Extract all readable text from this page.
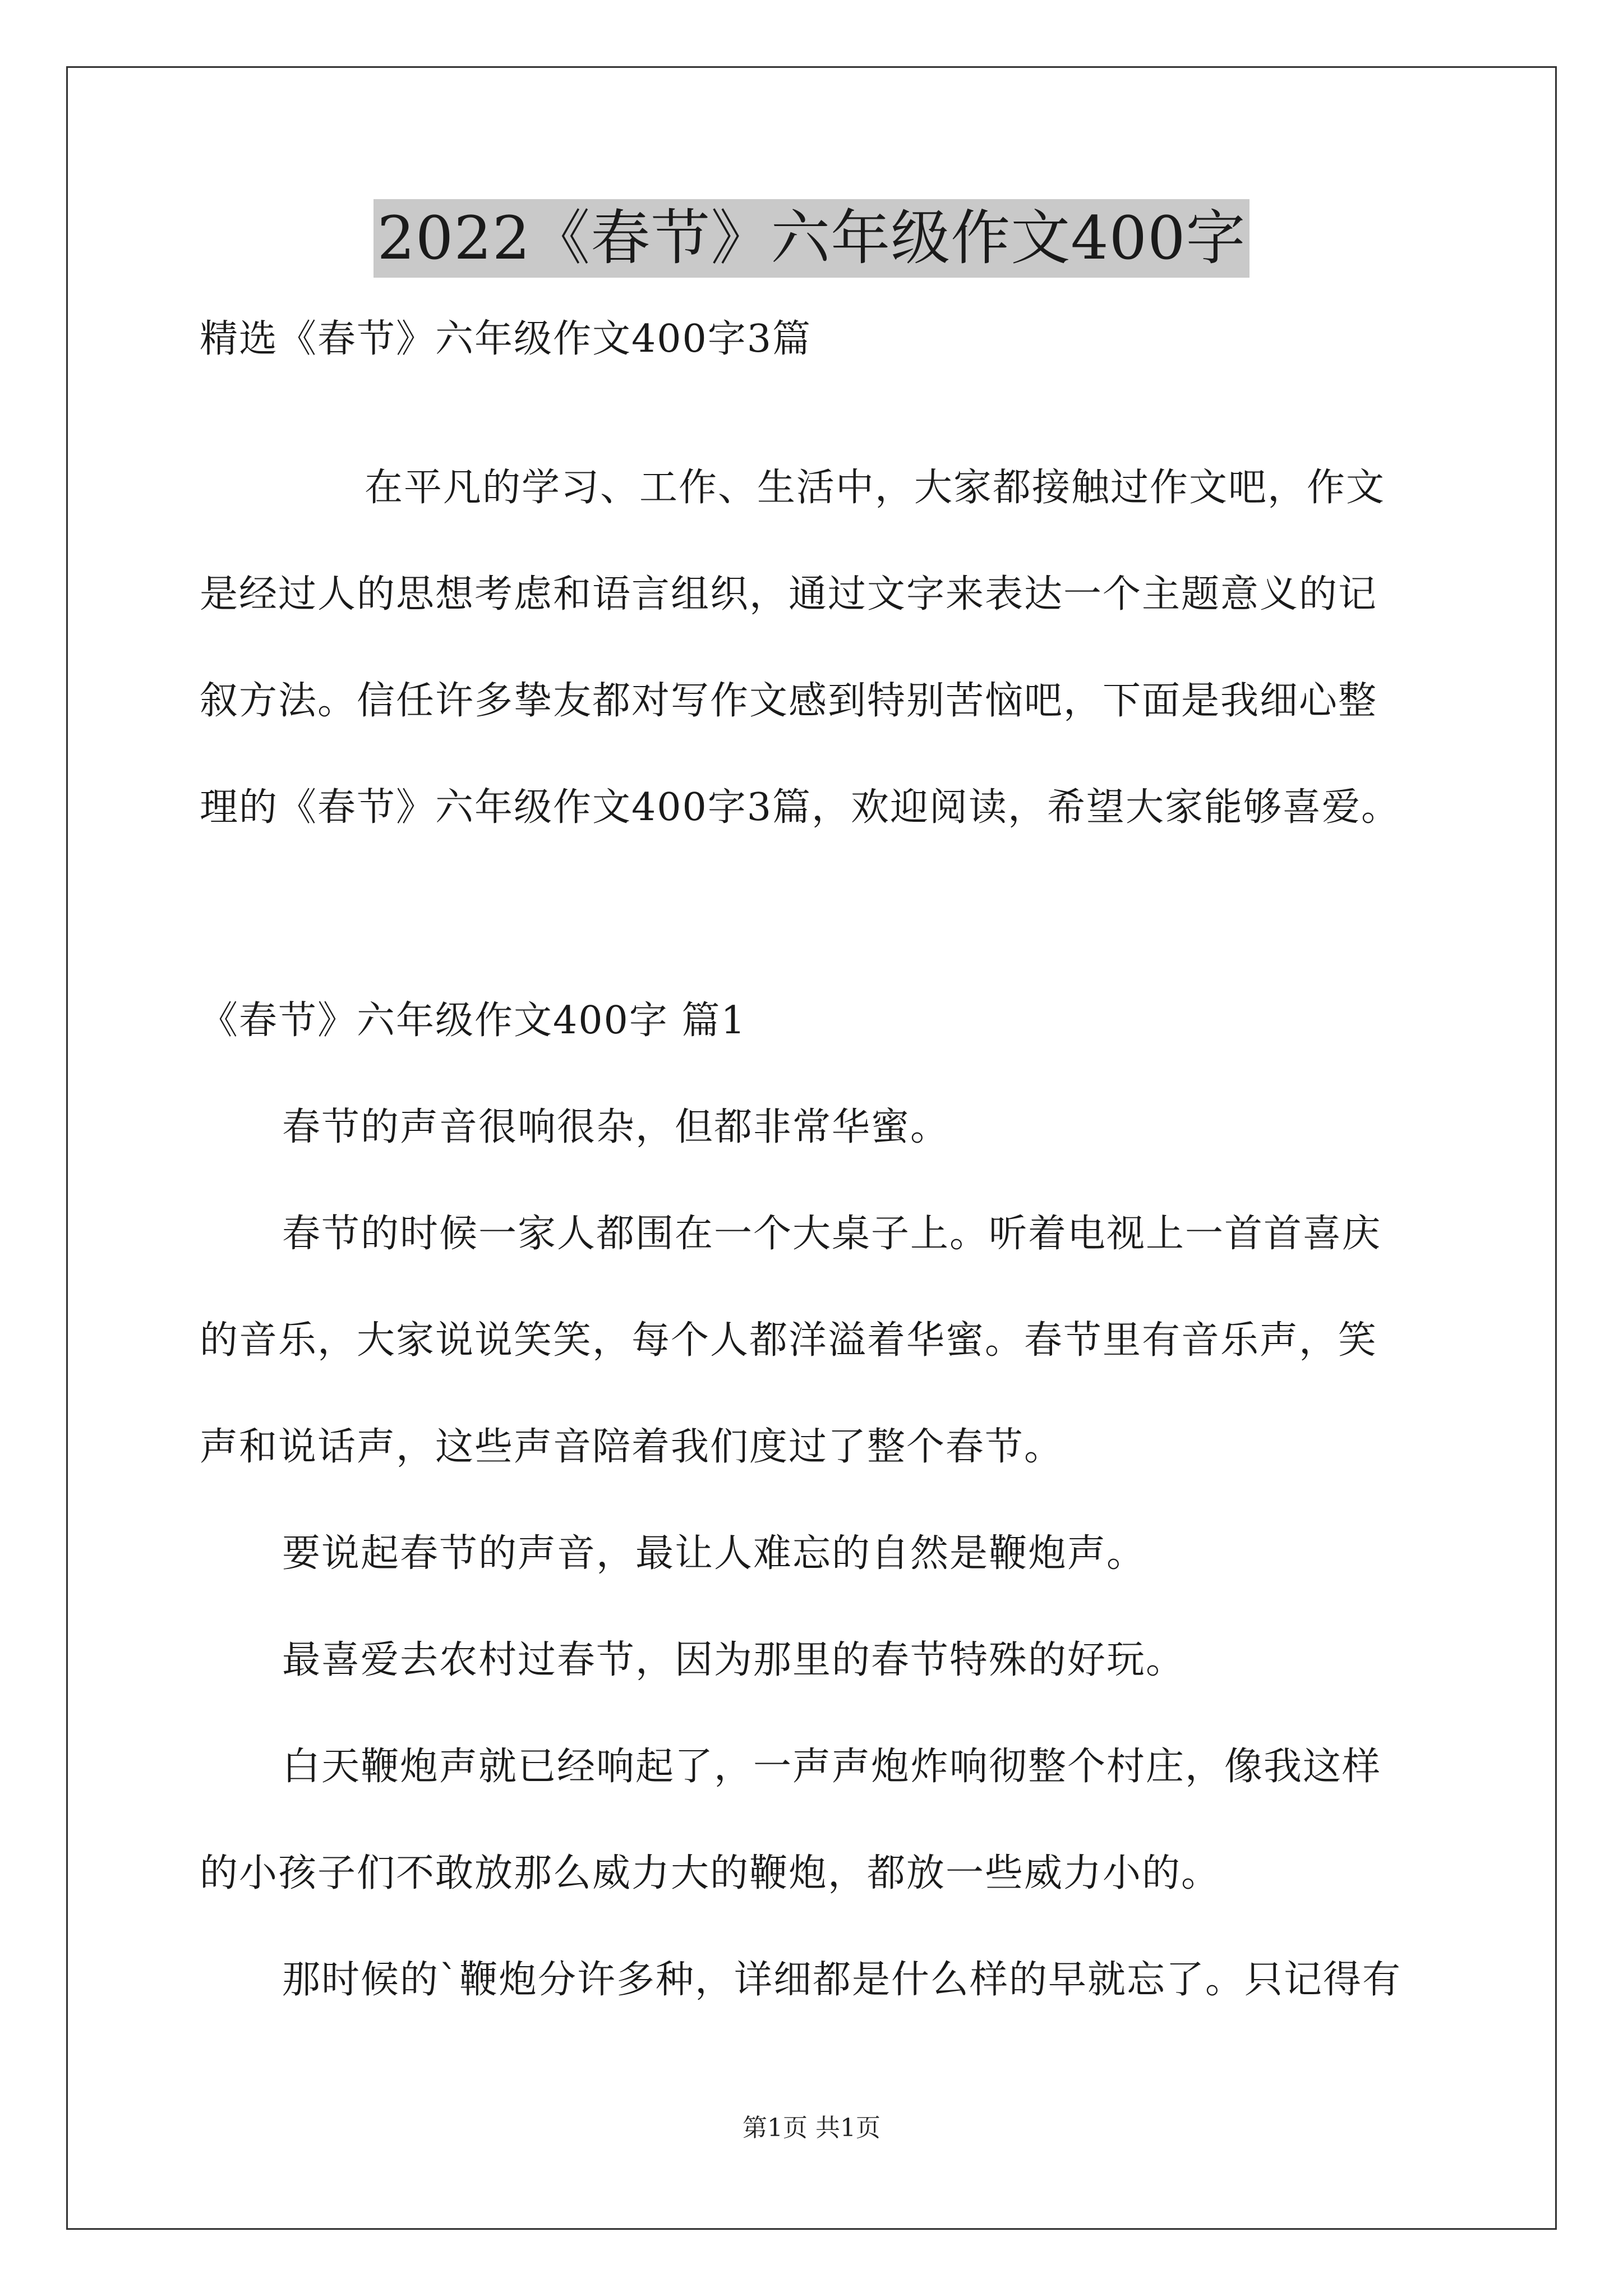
2022《春节》六年级作文400字
精选《春节》六年级作文400字3篇
在平凡的学习、工作、生活中，大家都接触过作文吧，作文
是经过人的思想考虑和语言组织，通过文字来表达一个主题意义的记
叙方法。信任许多挚友都对写作文感到特别苦恼吧，下面是我细心整
理的《春节》六年级作文400字3篇，欢迎阅读，希望大家能够喜爱。
《春节》六年级作文400字 篇1
春节的声音很响很杂，但都非常华蜜。
春节的时候一家人都围在一个大桌子上。听着电视上一首首喜庆
的音乐，大家说说笑笑，每个人都洋溢着华蜜。春节里有音乐声，笑
声和说话声，这些声音陪着我们度过了整个春节。
要说起春节的声音，最让人难忘的自然是鞭炮声。
最喜爱去农村过春节，因为那里的春节特殊的好玩。
白天鞭炮声就已经响起了，一声声炮炸响彻整个村庄，像我这样
的小孩子们不敢放那么威力大的鞭炮，都放一些威力小的。
那时候的`鞭炮分许多种，详细都是什么样的早就忘了。只记得有
第1页 共1页
